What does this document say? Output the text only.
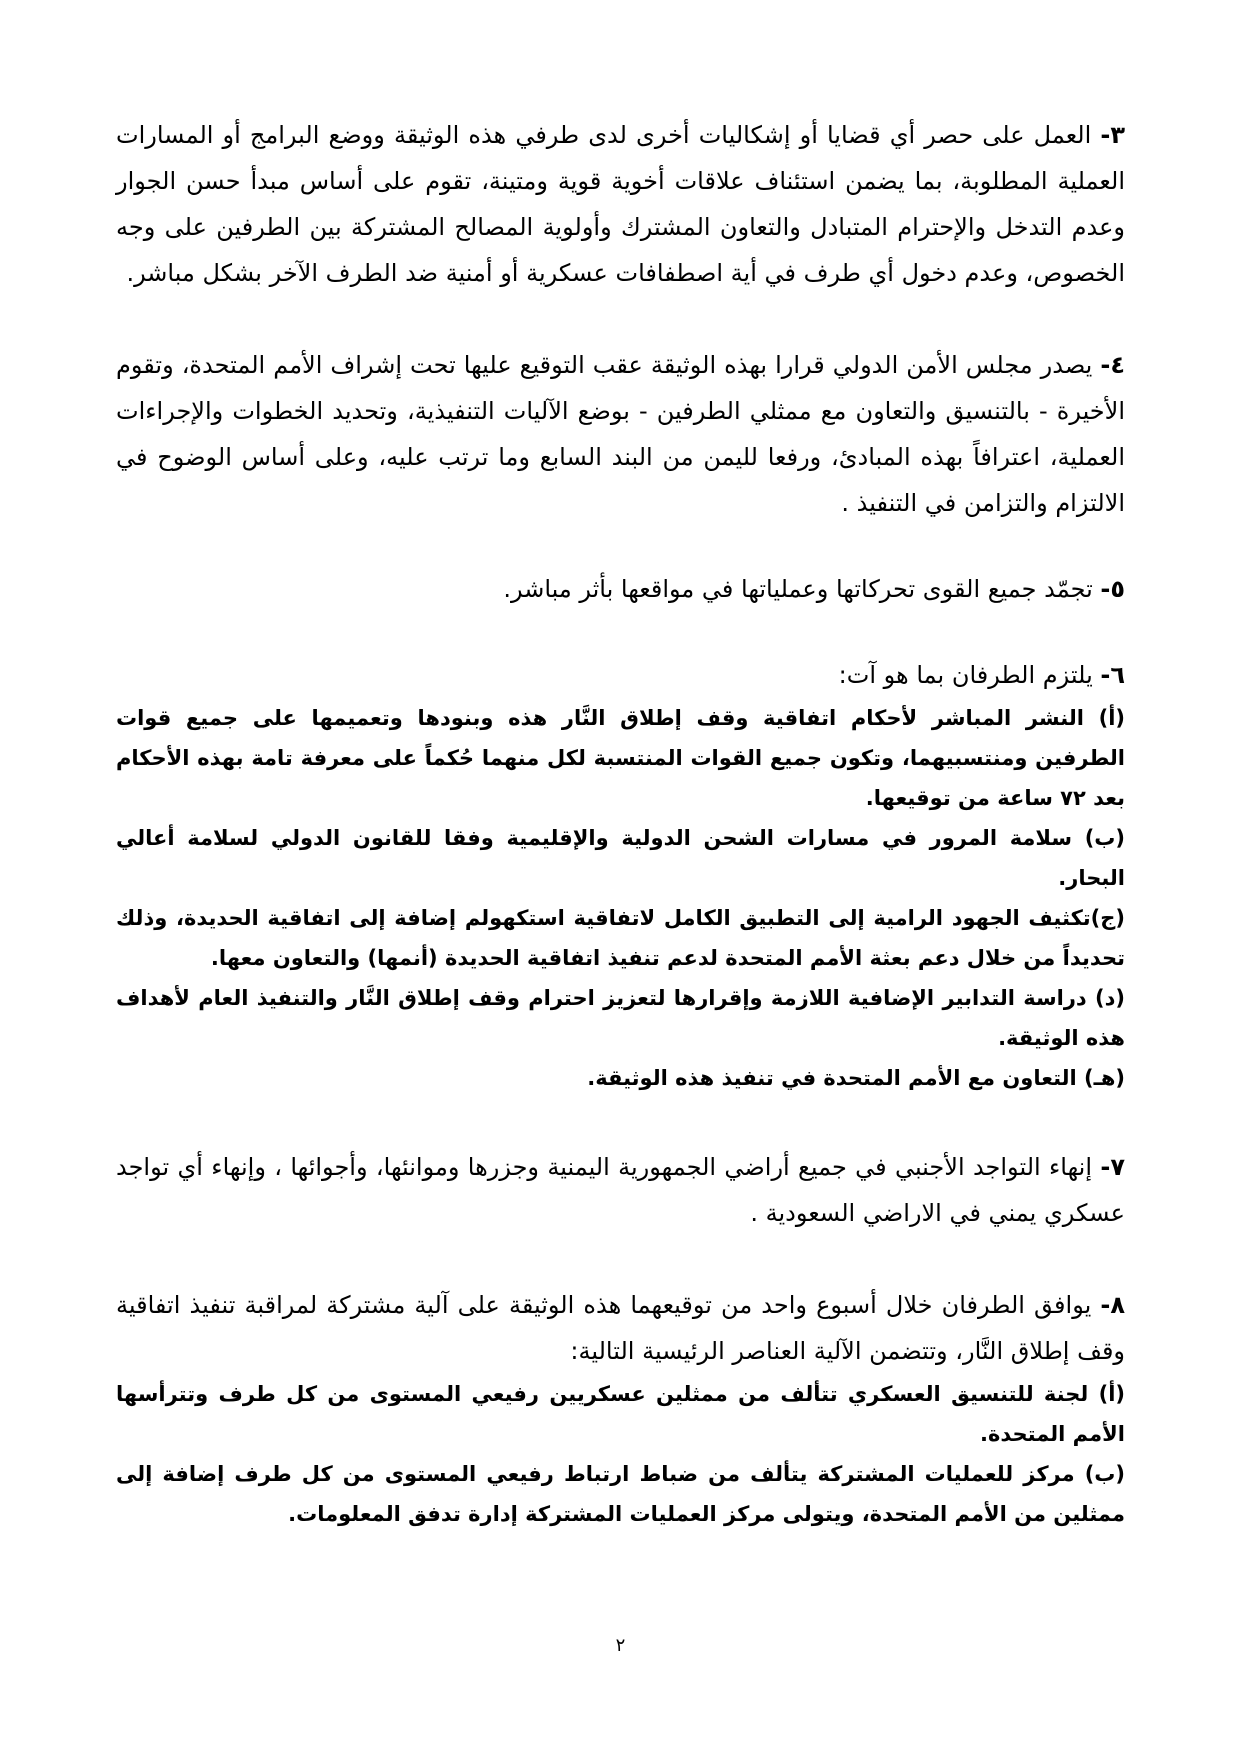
٣- العمل على حصر أي قضايا أو إشكاليات أخرى لدى طرفي هذه الوثيقة ووضع البرامج أو المسارات العملية المطلوبة، بما يضمن استئناف علاقات أخوية قوية ومتينة، تقوم على أساس مبدأ حسن الجوار وعدم التدخل والإحترام المتبادل والتعاون المشترك وأولوية المصالح المشتركة بين الطرفين على وجه الخصوص، وعدم دخول أي طرف في أية اصطفافات عسكرية أو أمنية ضد الطرف الآخر بشكل مباشر.

٤- يصدر مجلس الأمن الدولي قرارا بهذه الوثيقة عقب التوقيع عليها تحت إشراف الأمم المتحدة، وتقوم الأخيرة - بالتنسيق والتعاون مع ممثلي الطرفين - بوضع الآليات التنفيذية، وتحديد الخطوات والإجراءات العملية، اعترافاً بهذه المبادئ، ورفعا لليمن من البند السابع وما ترتب عليه، وعلى أساس الوضوح في الالتزام والتزامن في التنفيذ .

٥- تجمّد جميع القوى تحركاتها وعملياتها في مواقعها بأثر مباشر.

٦- يلتزم الطرفان بما هو آت:

(أ) النشر المباشر لأحكام اتفاقية وقف إطلاق النَّار هذه وبنودها وتعميمها على جميع قوات الطرفين ومنتسبيهما، وتكون جميع القوات المنتسبة لكل منهما حُكماً على معرفة تامة بهذه الأحكام بعد ٧٢ ساعة من توقيعها.

(ب) سلامة المرور في مسارات الشحن الدولية والإقليمية وفقا للقانون الدولي لسلامة أعالي البحار.

(ج)تكثيف الجهود الرامية إلى التطبيق الكامل لاتفاقية استكهولم إضافة إلى اتفاقية الحديدة، وذلك تحديداً من خلال دعم بعثة الأمم المتحدة لدعم تنفيذ اتفاقية الحديدة (أنمها) والتعاون معها.

(د) دراسة التدابير الإضافية اللازمة وإقرارها لتعزيز احترام وقف إطلاق النَّار والتنفيذ العام لأهداف هذه الوثيقة.

(هـ) التعاون مع الأمم المتحدة في تنفيذ هذه الوثيقة.

٧- إنهاء التواجد الأجنبي في جميع أراضي الجمهورية اليمنية وجزرها وموانئها، وأجوائها ، وإنهاء أي تواجد عسكري يمني في الاراضي السعودية .

٨- يوافق الطرفان خلال أسبوع واحد من توقيعهما هذه الوثيقة على آلية مشتركة لمراقبة تنفيذ اتفاقية وقف إطلاق النَّار، وتتضمن الآلية العناصر الرئيسية التالية:

(أ) لجنة للتنسيق العسكري تتألف من ممثلين عسكريين رفيعي المستوى من كل طرف وتترأسها الأمم المتحدة.

(ب) مركز للعمليات المشتركة يتألف من ضباط ارتباط رفيعي المستوى من كل طرف إضافة إلى ممثلين من الأمم المتحدة، ويتولى مركز العمليات المشتركة إدارة تدفق المعلومات.

٢
